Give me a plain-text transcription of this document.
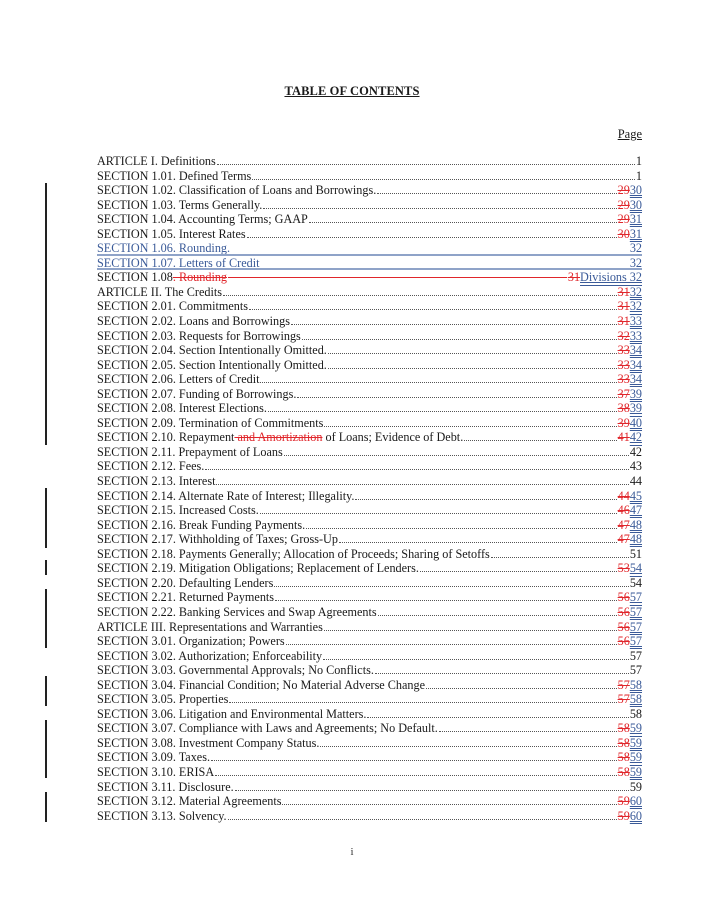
TABLE OF CONTENTS
Page
ARTICLE I. Definitions	1
SECTION 1.01. Defined Terms	1
SECTION 1.02. Classification of Loans and Borrowings.	2930
SECTION 1.03. Terms Generally.	2930
SECTION 1.04. Accounting Terms; GAAP	2931
SECTION 1.05. Interest Rates	3031
SECTION 1.06. Rounding.	32
SECTION 1.07. Letters of Credit	32
SECTION 1.08. Rounding	31Divisions 32
ARTICLE II. The Credits	3132
SECTION 2.01. Commitments	3132
SECTION 2.02. Loans and Borrowings	3133
SECTION 2.03. Requests for Borrowings	3233
SECTION 2.04. Section Intentionally Omitted.	3334
SECTION 2.05. Section Intentionally Omitted.	3334
SECTION 2.06. Letters of Credit	3334
SECTION 2.07. Funding of Borrowings.	3739
SECTION 2.08. Interest Elections.	3839
SECTION 2.09. Termination of Commitments	3940
SECTION 2.10. Repayment and Amortization of Loans; Evidence of Debt.	4142
SECTION 2.11. Prepayment of Loans	42
SECTION 2.12. Fees.	43
SECTION 2.13. Interest	44
SECTION 2.14. Alternate Rate of Interest; Illegality.	4445
SECTION 2.15. Increased Costs.	4647
SECTION 2.16. Break Funding Payments.	4748
SECTION 2.17. Withholding of Taxes; Gross-Up	4748
SECTION 2.18. Payments Generally; Allocation of Proceeds; Sharing of Setoffs	51
SECTION 2.19. Mitigation Obligations; Replacement of Lenders.	5354
SECTION 2.20. Defaulting Lenders	54
SECTION 2.21. Returned Payments	5657
SECTION 2.22. Banking Services and Swap Agreements	5657
ARTICLE III. Representations and Warranties	5657
SECTION 3.01. Organization; Powers	5657
SECTION 3.02. Authorization; Enforceability	57
SECTION 3.03. Governmental Approvals; No Conflicts.	57
SECTION 3.04. Financial Condition; No Material Adverse Change	5758
SECTION 3.05. Properties	5758
SECTION 3.06. Litigation and Environmental Matters.	58
SECTION 3.07. Compliance with Laws and Agreements; No Default.	5859
SECTION 3.08. Investment Company Status.	5859
SECTION 3.09. Taxes.	5859
SECTION 3.10. ERISA	5859
SECTION 3.11. Disclosure.	59
SECTION 3.12. Material Agreements	5960
SECTION 3.13. Solvency.	5960
i
